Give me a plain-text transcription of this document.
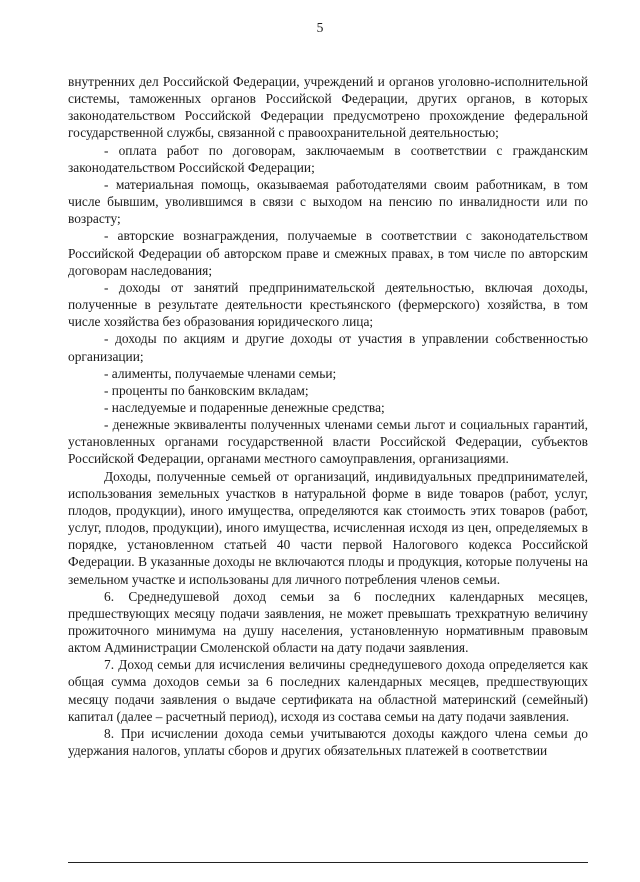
5

внутренних дел Российской Федерации, учреждений и органов уголовно-исполнительной системы, таможенных органов Российской Федерации, других органов, в которых законодательством Российской Федерации предусмотрено прохождение федеральной государственной службы, связанной с правоохранительной деятельностью;

- оплата работ по договорам, заключаемым в соответствии с гражданским законодательством Российской Федерации;

- материальная помощь, оказываемая работодателями своим работникам, в том числе бывшим, уволившимся в связи с выходом на пенсию по инвалидности или по возрасту;

- авторские вознаграждения, получаемые в соответствии с законодательством Российской Федерации об авторском праве и смежных правах, в том числе по авторским договорам наследования;

- доходы от занятий предпринимательской деятельностью, включая доходы, полученные в результате деятельности крестьянского (фермерского) хозяйства, в том числе хозяйства без образования юридического лица;

- доходы по акциям и другие доходы от участия в управлении собственностью организации;

- алименты, получаемые членами семьи;

- проценты по банковским вкладам;

- наследуемые и подаренные денежные средства;

- денежные эквиваленты полученных членами семьи льгот и социальных гарантий, установленных органами государственной власти Российской Федерации, субъектов Российской Федерации, органами местного самоуправления, организациями.

Доходы, полученные семьей от организаций, индивидуальных предпринимателей, использования земельных участков в натуральной форме в виде товаров (работ, услуг, плодов, продукции), иного имущества, определяются как стоимость этих товаров (работ, услуг, плодов, продукции), иного имущества, исчисленная исходя из цен, определяемых в порядке, установленном статьей 40 части первой Налогового кодекса Российской Федерации. В указанные доходы не включаются плоды и продукция, которые получены на земельном участке и использованы для личного потребления членов семьи.

6. Среднедушевой доход семьи за 6 последних календарных месяцев, предшествующих месяцу подачи заявления, не может превышать трехкратную величину прожиточного минимума на душу населения, установленную нормативным правовым актом Администрации Смоленской области на дату подачи заявления.

7. Доход семьи для исчисления величины среднедушевого дохода определяется как общая сумма доходов семьи за 6 последних календарных месяцев, предшествующих месяцу подачи заявления о выдаче сертификата на областной материнский (семейный) капитал (далее – расчетный период), исходя из состава семьи на дату подачи заявления.

8. При исчислении дохода семьи учитываются доходы каждого члена семьи до удержания налогов, уплаты сборов и других обязательных платежей в соответствии
